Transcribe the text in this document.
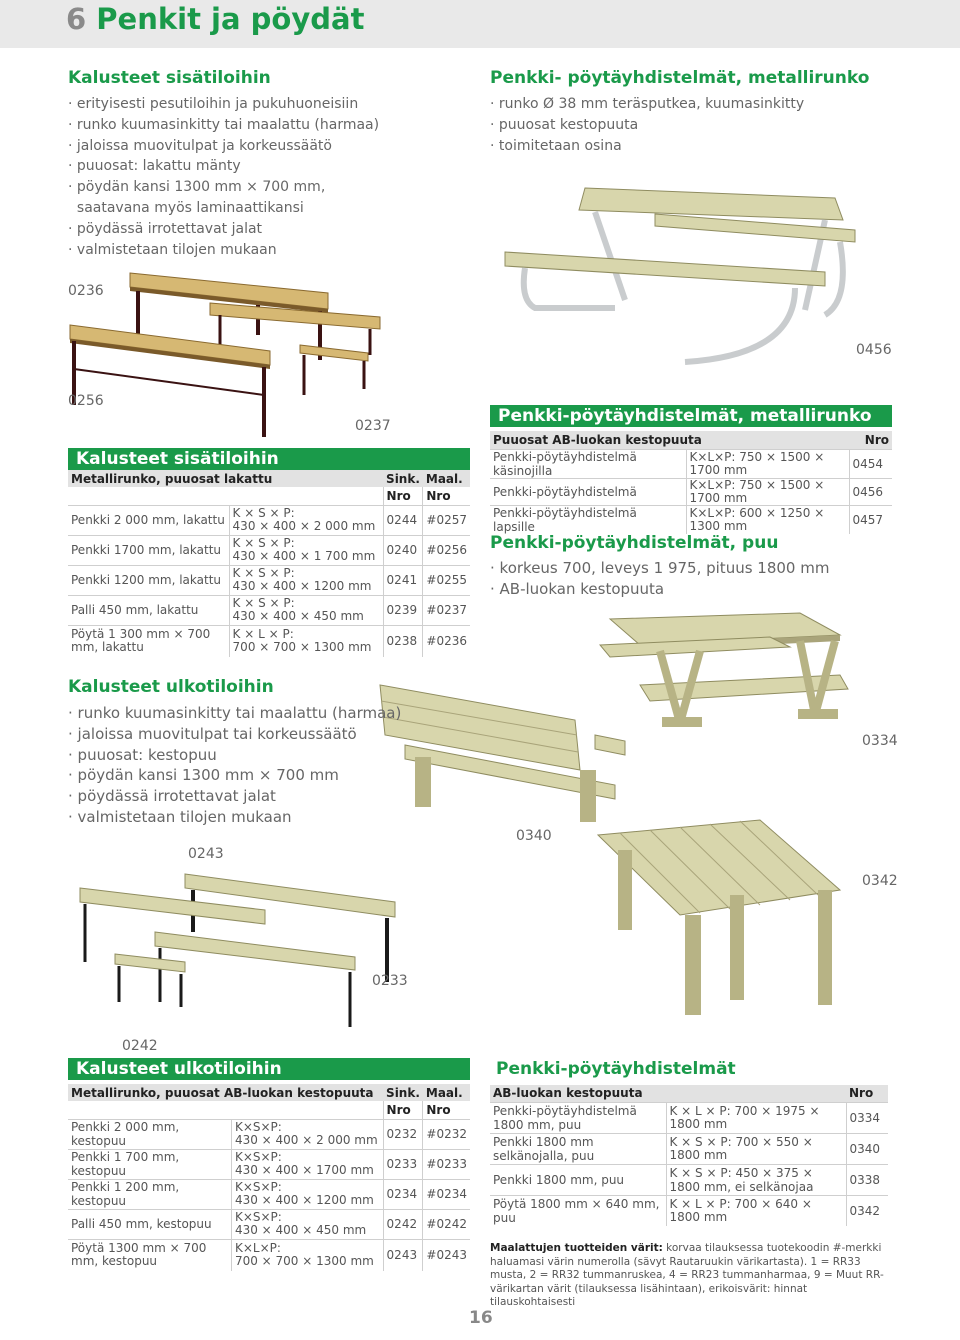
6 Penkit ja pöydät
Kalusteet sisätiloihin
· erityisesti pesutiloihin ja pukuhuoneisiin
· runko kuumasinkitty tai maalattu (harmaa)
· jaloissa muovitulpat ja korkeussäätö
· puuosat: lakattu mänty
· pöydän kansi 1300 mm × 700 mm,
saatavana myös laminaattikansi
· pöydässä irrotettavat jalat
· valmistetaan tilojen mukaan
Penkki- pöytäyhdistelmät, metallirunko
· runko Ø 38 mm teräsputkea, kuumasinkitty
· puuosat kestopuuta
· toimitetaan osina
0236
0456
0256
0237
Kalusteet sisätiloihin
Metallirunko, puuosat lakattu		Sink.	Maal.
		Nro	Nro
Penkki 2 000 mm, lakattu	K × S × P:
430 × 400 × 2 000 mm	0244	#0257
Penkki 1700 mm, lakattu	K × S × P:
430 × 400 × 1 700 mm	0240	#0256
Penkki 1200 mm, lakattu	K × S × P:
430 × 400 × 1200 mm	0241	#0255
Palli 450 mm, lakattu	K × S × P:
430 × 400 × 450 mm	0239	#0237
Pöytä 1 300 mm × 700 mm, lakattu	K × L × P:
700 × 700 × 1300 mm	0238	#0236
Penkki-pöytäyhdistelmät, metallirunko
Puuosat AB-luokan kestopuuta		Nro
Penkki-pöytäyhdistelmä käsinojilla	K×L×P: 750 × 1500 × 1700 mm	0454
Penkki-pöytäyhdistelmä	K×L×P: 750 × 1500 × 1700 mm	0456
Penkki-pöytäyhdistelmä lapsille	K×L×P: 600 × 1250 × 1300 mm	0457
Penkki-pöytäyhdistelmät, puu
· korkeus 700, leveys 1 975, pituus 1800 mm
· AB-luokan kestopuuta
0334
0340
0342
Kalusteet ulkotiloihin
· runko kuumasinkitty tai maalattu (harmaa)
· jaloissa muovitulpat tai korkeussäätö
· puuosat: kestopuu
· pöydän kansi 1300 mm × 700 mm
· pöydässä irrotettavat jalat
· valmistetaan tilojen mukaan
0243
0233
0242
Kalusteet ulkotiloihin
Metallirunko, puuosat AB-luokan kestopuuta		Sink.	Maal.
		Nro	Nro
Penkki 2 000 mm, kestopuu	K×S×P:
430 × 400 × 2 000 mm	0232	#0232
Penkki 1 700 mm, kestopuu	K×S×P:
430 × 400 × 1700 mm	0233	#0233
Penkki 1 200 mm, kestopuu	K×S×P:
430 × 400 × 1200 mm	0234	#0234
Palli 450 mm, kestopuu	K×S×P:
430 × 400 × 450 mm	0242	#0242
Pöytä 1300 mm × 700 mm, kestopuu	K×L×P:
700 × 700 × 1300 mm	0243	#0243
Penkki-pöytäyhdistelmät
AB-luokan kestopuuta		Nro
Penkki-pöytäyhdistelmä 1800 mm, puu	K × L × P: 700 × 1975 × 1800 mm	0334
Penkki 1800 mm selkänojalla, puu	K × S × P: 700 × 550 × 1800 mm	0340
Penkki 1800 mm, puu	K × S × P: 450 × 375 × 1800 mm, ei selkänojaa	0338
Pöytä 1800 mm × 640 mm, puu	K × L × P: 700 × 640 × 1800 mm	0342
Maalattujen tuotteiden värit: korvaa tilauksessa tuotekoodin #-merkki haluamasi värin numerolla (sävyt Rautaruukin värikartasta). 1 = RR33 musta, 2 = RR32 tummanruskea, 4 = RR23 tummanharmaa, 9 = Muut RR-värikartan värit (tilauksessa lisähintaan), erikoisvärit: hinnat tilauskohtaisesti
16
